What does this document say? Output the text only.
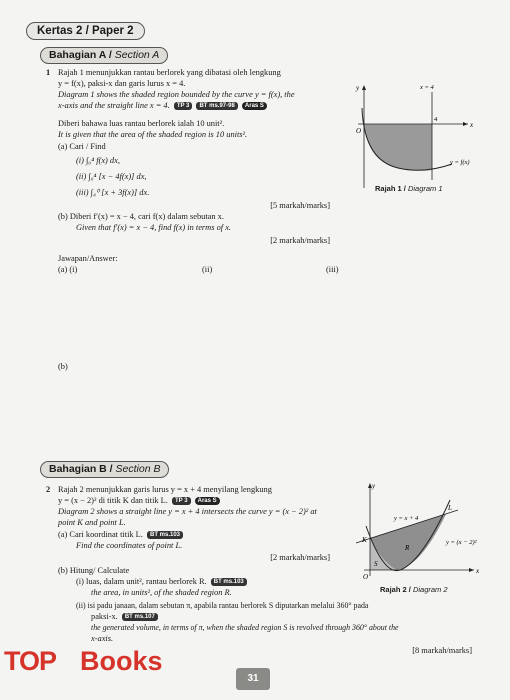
Kertas 2 / Paper 2
Bahagian A / Section A
1 Rajah 1 menunjukkan rantau berlorek yang dibatasi oleh lengkung
y = f(x), paksi-x dan garis lurus x = 4.
Diagram 1 shows the shaded region bounded by the curve y = f(x), the
x-axis and the straight line x = 4. TP 3 BT ms.97-98 Aras S
Diberi bahawa luas rantau berlorek ialah 10 unit².
It is given that the area of the shaded region is 10 units².
(a) Cari / Find
(i) ∫₀⁴ f(x) dx,
(ii) ∫₀⁴ [x − 4f(x)] dx,
(iii) ∫₄⁰ [x + 3f(x)] dx.
[5 markah/marks]
(b) Diberi f′(x) = x − 4, cari f(x) dalam sebutan x.
Given that f′(x) = x − 4, find f(x) in terms of x.
[2 markah/marks]
Jawapan/Answer:
(a) (i)	(ii)	(iii)
(b)
y
x
x = 4
O
4
y = f(x)
Rajah 1 / Diagram 1
Bahagian B / Section B
2 Rajah 2 menunjukkan garis lurus y = x + 4 menyilang lengkung
y = (x − 2)² di titik K dan titik L. TP 3 Aras S
Diagram 2 shows a straight line y = x + 4 intersects the curve y = (x − 2)² at
point K and point L.
(a) Cari koordinat titik L. BT ms.103
Find the coordinates of point L.
[2 markah/marks]
(b) Hitung/ Calculate
(i) luas, dalam unit², rantau berlorek R. BT ms.103
the area, in units², of the shaded region R.
(ii) isi padu janaan, dalam sebutan π, apabila rantau berlorek S diputarkan melalui 360° pada
paksi-x. BT ms.107
the generated volume, in terms of π, when the shaded region S is revolved through 360° about the
x-axis.
[8 markah/marks]
y
x
O
y = x + 4
y = (x − 2)²
K
L
R
S
Rajah 2 / Diagram 2
TOP Books
31
